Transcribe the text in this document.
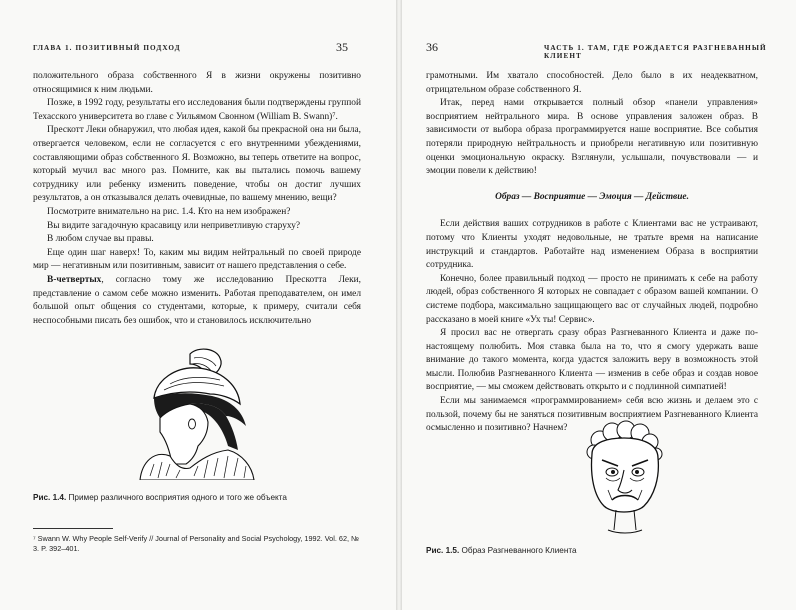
ГЛАВА 1. ПОЗИТИВНЫЙ ПОДХОД	35

положительного образа собственного Я в жизни окружены позитивно относящимися к ним людьми.

Позже, в 1992 году, результаты его исследования были подтверждены группой Техасского университета во главе с Уильямом Свонном (William B. Swann)⁷.

Прескотт Леки обнаружил, что любая идея, какой бы прекрасной она ни была, отвергается человеком, если не согласуется с его внутренними убеждениями, составляющими образ собственного Я. Возможно, вы теперь ответите на вопрос, который мучил вас много раз. Помните, как вы пытались помочь вашему сотруднику или ребенку изменить поведение, чтобы он достиг лучших результатов, а он отказывался делать очевидные, по вашему мнению, вещи?

Посмотрите внимательно на рис. 1.4. Кто на нем изображен?

Вы видите загадочную красавицу или неприветливую старуху?

В любом случае вы правы.

Еще один шаг наверх! То, каким мы видим нейтральный по своей природе мир — негативным или позитивным, зависит от нашего представления о себе.

В-четвертых, согласно тому же исследованию Прескотта Леки, представление о самом себе можно изменить. Работая преподавателем, он имел большой опыт общения со студентами, которые, к примеру, считали себя неспособными писать без ошибок, что и становилось исключительно

Рис. 1.4. Пример различного восприятия одного и того же объекта
⁷ Swann W. Why People Self-Verify // Journal of Personality and Social Psychology, 1992. Vol. 62, № 3. P. 392–401.
36	ЧАСТЬ 1. ТАМ, ГДЕ РОЖДАЕТСЯ РАЗГНЕВАННЫЙ КЛИЕНТ

грамотными. Им хватало способностей. Дело было в их неадекватном, отрицательном образе собственного Я.

Итак, перед нами открывается полный обзор «панели управления» восприятием нейтрального мира. В основе управления заложен образ. В зависимости от выбора образа программируется наше восприятие. Все события потеряли природную нейтральность и приобрели негативную или позитивную оценки эмоциональную окраску. Взглянули, услышали, почувствовали — и эмоции повели к действию!

Образ — Восприятие — Эмоция — Действие.

Если действия ваших сотрудников в работе с Клиентами вас не устраивают, потому что Клиенты уходят недовольные, не тратьте время на написание инструкций и стандартов. Работайте над изменением Образа в восприятии сотрудника.

Конечно, более правильный подход — просто не принимать к себе на работу людей, образ собственного Я которых не совпадает с образом вашей компании. О системе подбора, максимально защищающего вас от случайных людей, подробно рассказано в моей книге «Ух ты! Сервис».

Я просил вас не отвергать сразу образ Разгневанного Клиента и даже по-настоящему полюбить. Моя ставка была на то, что я смогу удержать ваше внимание до такого момента, когда удастся заложить веру в возможность этой мысли. Полюбив Разгневанного Клиента — изменив в себе образ и создав новое восприятие, — мы сможем действовать открыто и с подлинной симпатией!

Если мы занимаемся «программированием» себя всю жизнь и делаем это с пользой, почему бы не заняться позитивным восприятием Разгневанного Клиента осмысленно и позитивно? Начнем?

Рис. 1.5. Образ Разгневанного Клиента
